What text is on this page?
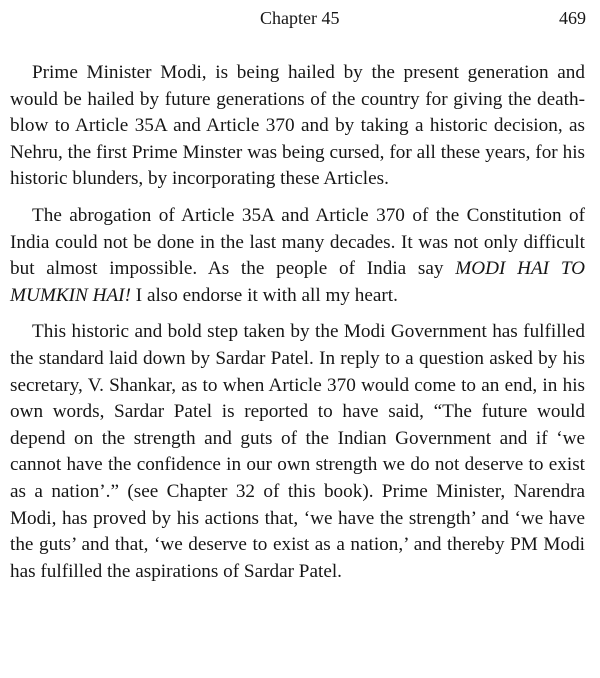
Chapter 45	469

Prime Minister Modi, is being hailed by the present generation and would be hailed by future generations of the country for giving the death-blow to Article 35A and Article 370 and by taking a historic decision, as Nehru, the first Prime Minster was being cursed, for all these years, for his historic blunders, by incorporating these Articles.

The abrogation of Article 35A and Article 370 of the Constitution of India could not be done in the last many decades. It was not only difficult but almost impossible. As the people of India say MODI HAI TO MUMKIN HAI! I also endorse it with all my heart.

This historic and bold step taken by the Modi Government has fulfilled the standard laid down by Sardar Patel. In reply to a question asked by his secretary, V. Shankar, as to when Article 370 would come to an end, in his own words, Sardar Patel is reported to have said, “The future would depend on the strength and guts of the Indian Government and if ‘we cannot have the confidence in our own strength we do not deserve to exist as a nation’.” (see Chapter 32 of this book). Prime Minister, Narendra Modi, has proved by his actions that, ‘we have the strength’ and ‘we have the guts’ and that, ‘we deserve to exist as a nation,’ and thereby PM Modi has fulfilled the aspirations of Sardar Patel.
